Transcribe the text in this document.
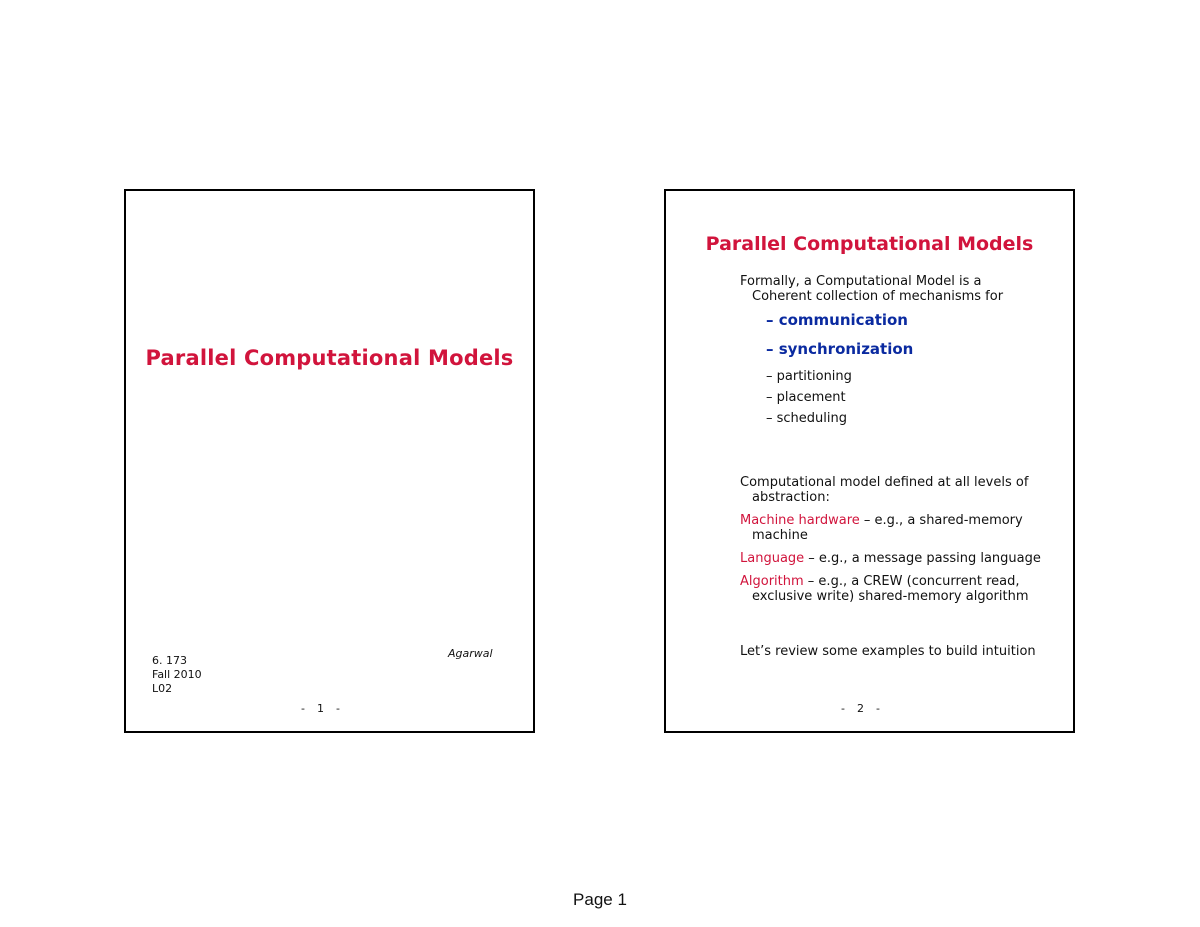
Parallel Computational Models
Agarwal
6. 173
Fall 2010
L02
- 1 -
Parallel Computational Models
Formally, a Computational Model is a
Coherent collection of mechanisms for
– communication
– synchronization
– partitioning
– placement
– scheduling

Computational model defined at all levels of
abstraction:

Machine hardware – e.g., a shared-memory
machine

Language – e.g., a message passing language

Algorithm – e.g., a CREW (concurrent read,
exclusive write) shared-memory algorithm

Let’s review some examples to build intuition
- 2 -
Page 1
